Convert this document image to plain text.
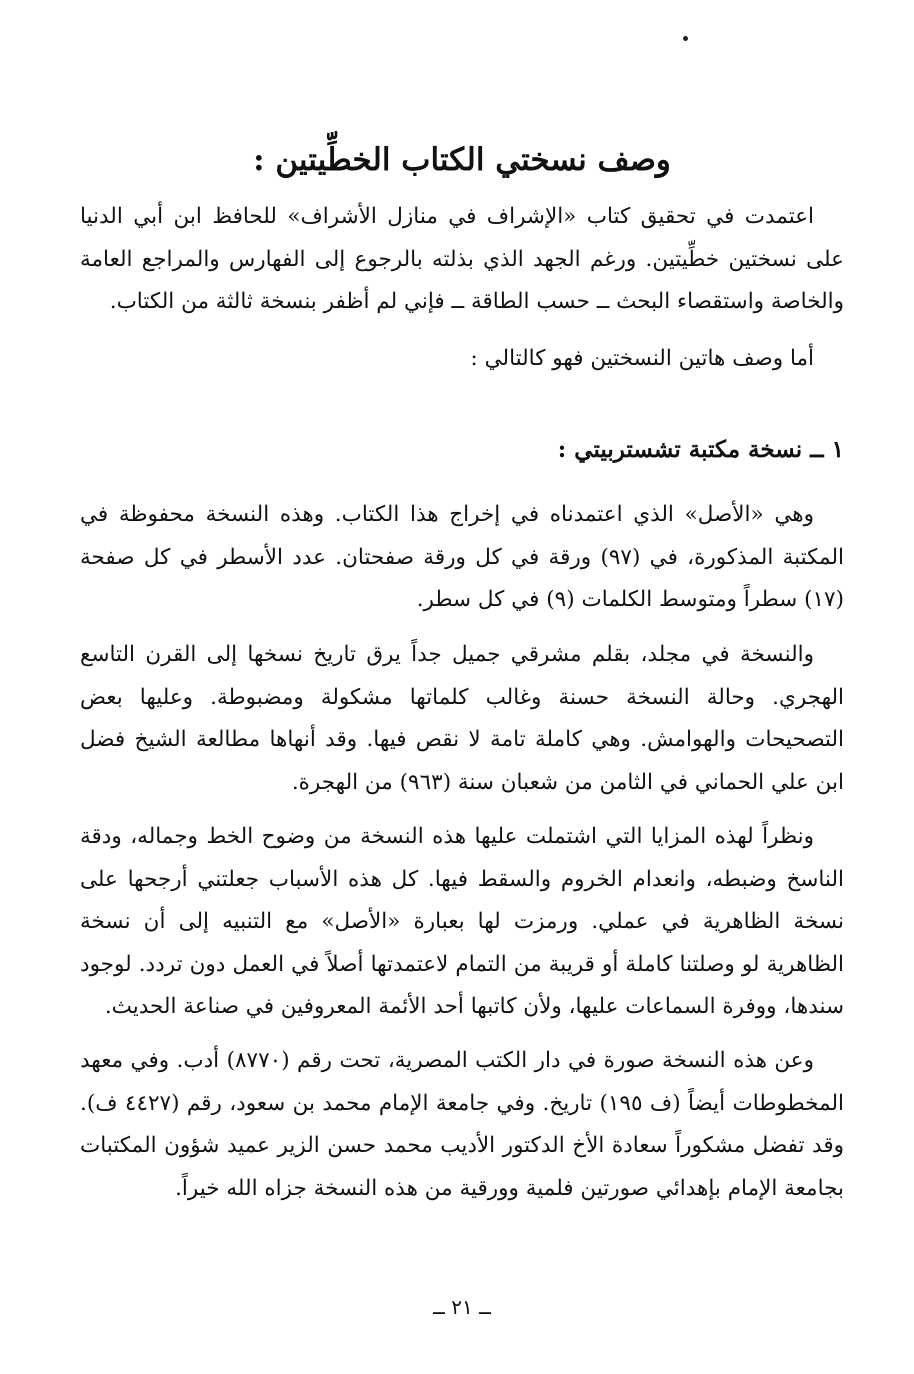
وصف نسختي الكتاب الخطِّيتين :

اعتمدت في تحقيق كتاب «الإشراف في منازل الأشراف» للحافظ ابن أبي الدنيا على نسختين خطِّيتين. ورغم الجهد الذي بذلته بالرجوع إلى الفهارس والمراجع العامة والخاصة واستقصاء البحث ــ حسب الطاقة ــ فإني لم أظفر بنسخة ثالثة من الكتاب.

أما وصف هاتين النسختين فهو كالتالي :

١ ــ نسخة مكتبة تشستربيتي :

وهي «الأصل» الذي اعتمدناه في إخراج هذا الكتاب. وهذه النسخة محفوظة في المكتبة المذكورة، في (٩٧) ورقة في كل ورقة صفحتان. عدد الأسطر في كل صفحة (١٧) سطراً ومتوسط الكلمات (٩) في كل سطر.

والنسخة في مجلد، بقلم مشرقي جميل جداً يرق تاريخ نسخها إلى القرن التاسع الهجري. وحالة النسخة حسنة وغالب كلماتها مشكولة ومضبوطة. وعليها بعض التصحيحات والهوامش. وهي كاملة تامة لا نقص فيها. وقد أنهاها مطالعة الشيخ فضل ابن علي الحماني في الثامن من شعبان سنة (٩٦٣) من الهجرة.

ونظراً لهذه المزايا التي اشتملت عليها هذه النسخة من وضوح الخط وجماله، ودقة الناسخ وضبطه، وانعدام الخروم والسقط فيها. كل هذه الأسباب جعلتني أرجحها على نسخة الظاهرية في عملي. ورمزت لها بعبارة «الأصل» مع التنبيه إلى أن نسخة الظاهرية لو وصلتنا كاملة أو قريبة من التمام لاعتمدتها أصلاً في العمل دون تردد. لوجود سندها، ووفرة السماعات عليها، ولأن كاتبها أحد الأئمة المعروفين في صناعة الحديث.

وعن هذه النسخة صورة في دار الكتب المصرية، تحت رقم (٨٧٧٠) أدب. وفي معهد المخطوطات أيضاً (ف ١٩٥) تاريخ. وفي جامعة الإمام محمد بن سعود، رقم (٤٤٢٧ ف). وقد تفضل مشكوراً سعادة الأخ الدكتور الأديب محمد حسن الزير عميد شؤون المكتبات بجامعة الإمام بإهدائي صورتين فلمية وورقية من هذه النسخة جزاه الله خيراً.

ــ ٢١ ــ
